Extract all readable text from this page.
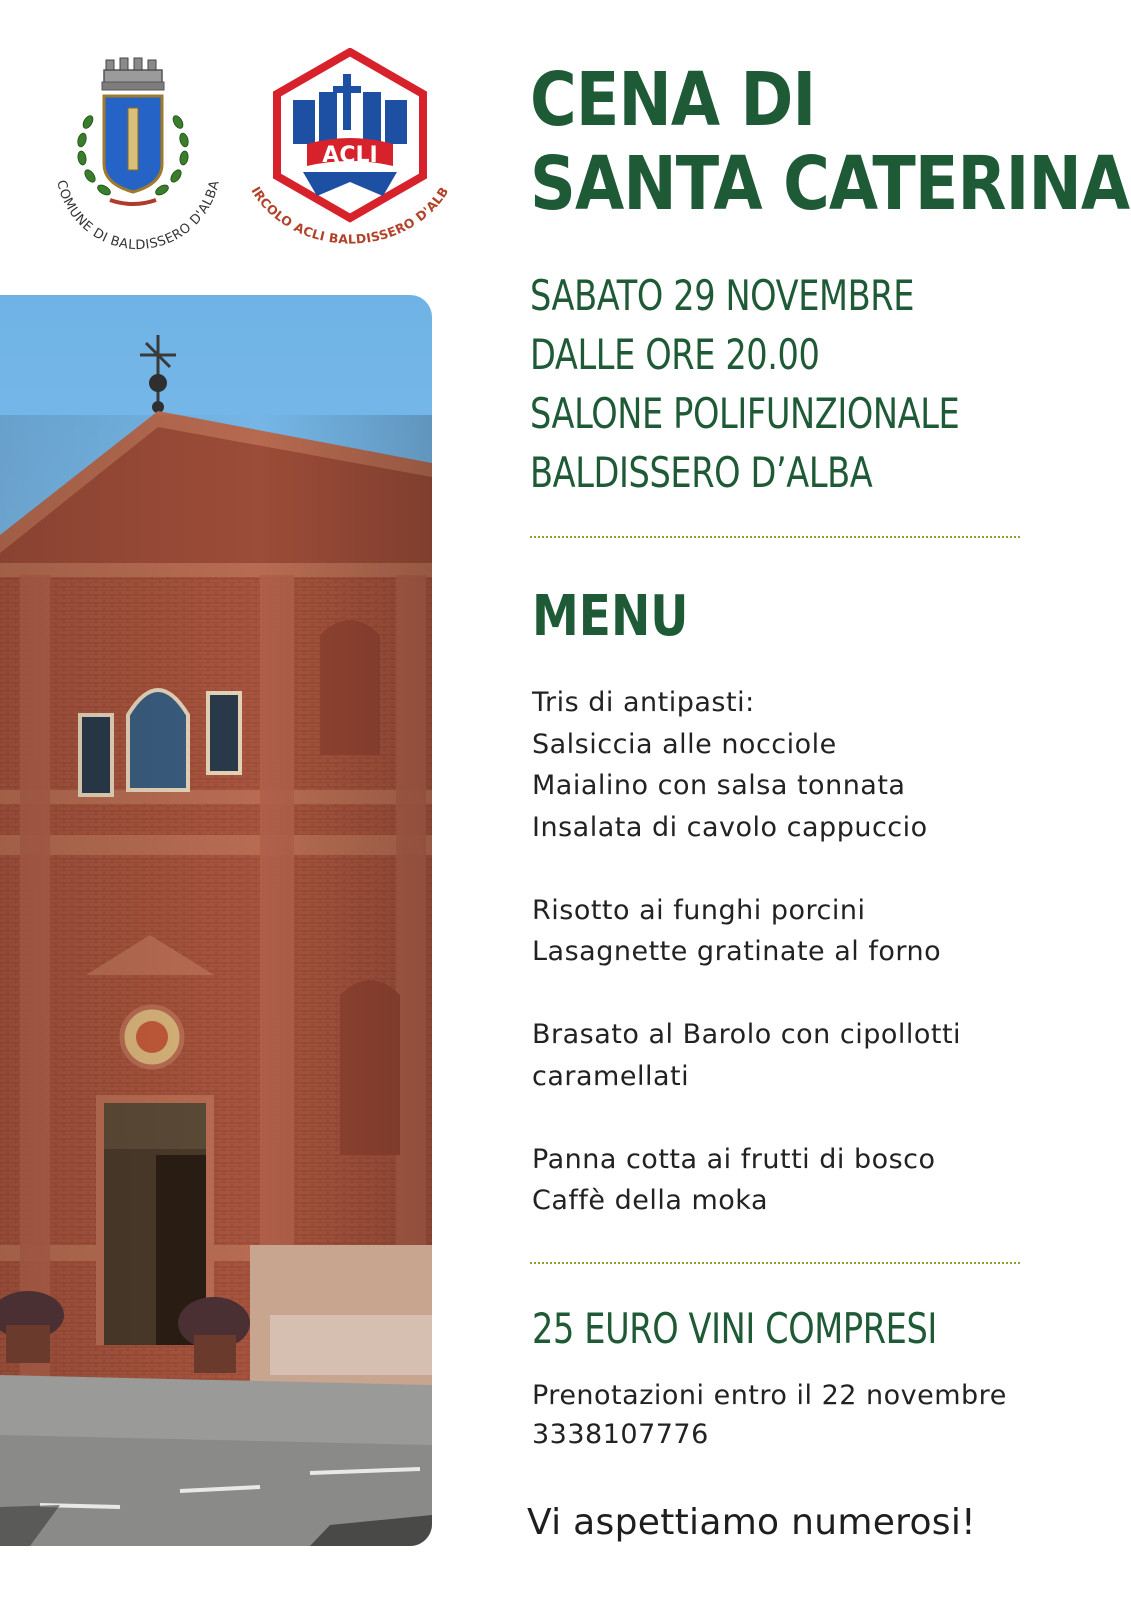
COMUNE DI BALDISSERO D'ALBA
ACLI
IRCOLO ACLI BALDISSERO D'ALB
CENA DI
SANTA CATERINA
SABATO 29 NOVEMBRE
DALLE ORE 20.00
SALONE POLIFUNZIONALE
BALDISSERO D’ALBA
MENU
Tris di antipasti:
Salsiccia alle nocciole
Maialino con salsa tonnata
Insalata di cavolo cappuccio
Risotto ai funghi porcini
Lasagnette gratinate al forno
Brasato al Barolo con cipollotti
caramellati
Panna cotta ai frutti di bosco
Caffè della moka
25 EURO VINI COMPRESI
Prenotazioni entro il 22 novembre
3338107776
Vi aspettiamo numerosi!
